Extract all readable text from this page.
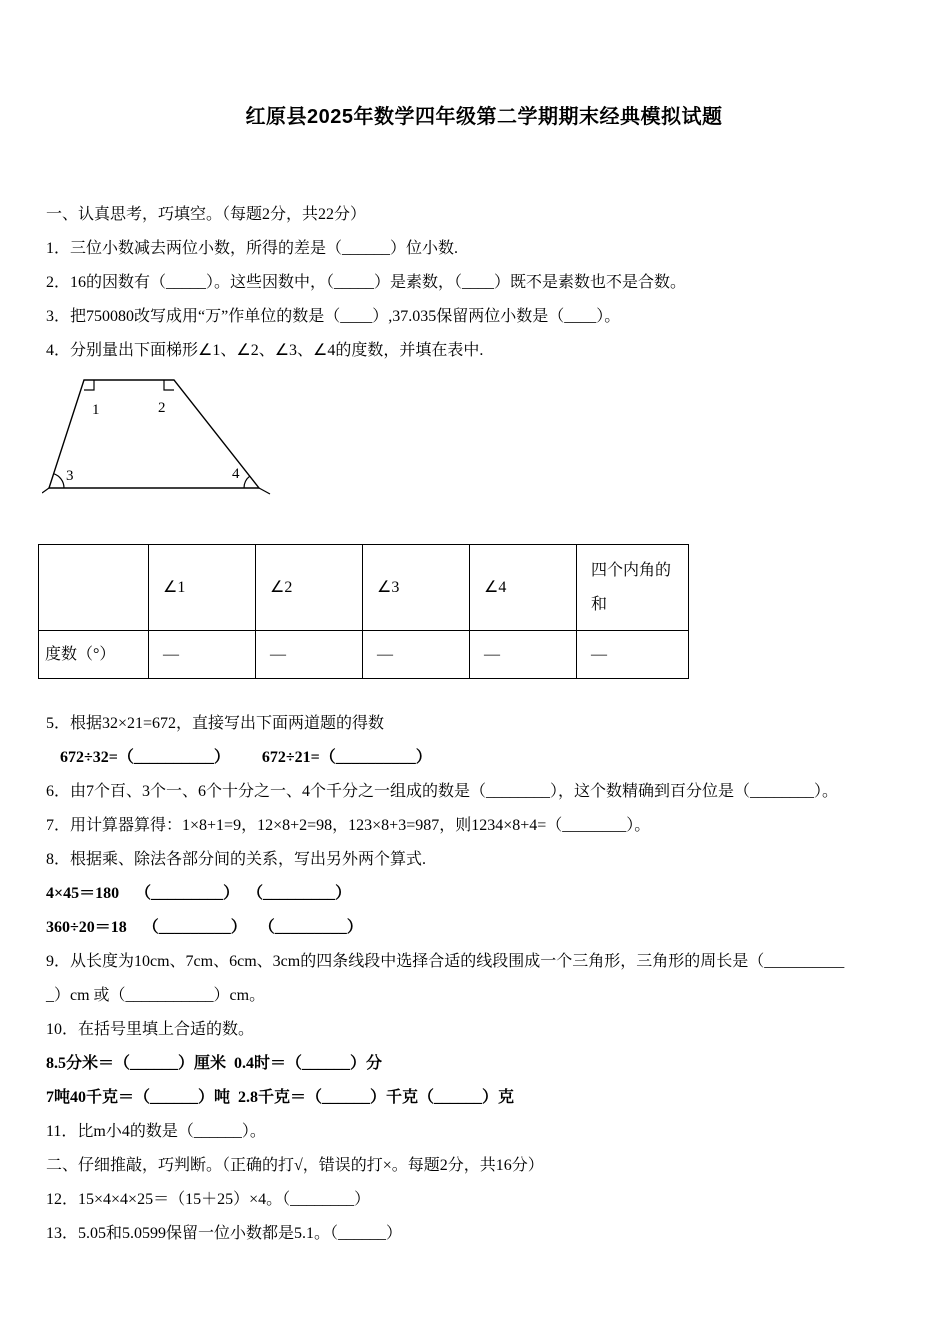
红原县2025年数学四年级第二学期期末经典模拟试题

一、认真思考，巧填空。（每题2分，共22分）

1．三位小数减去两位小数，所得的差是（______）位小数.

2．16的因数有（_____）。这些因数中，（_____）是素数，（____）既不是素数也不是合数。

3．把750080改写成用“万”作单位的数是（____）,37.035保留两位小数是（____）。

4．分别量出下面梯形∠1、∠2、∠3、∠4的度数，并填在表中.

1	2
3	4
	∠1	∠2	∠3	∠4	四个内角的和
度数（°）	—	—	—	—	—

5．根据32×21=672，直接写出下面两道题的得数

672÷32=（__________）        672÷21=（__________）

6．由7个百、3个一、6个十分之一、4个千分之一组成的数是（________），这个数精确到百分位是（________）。

7．用计算器算得：1×8+1=9，12×8+2=98，123×8+3=987，则1234×8+4=（________）。

8．根据乘、除法各部分间的关系，写出另外两个算式.

4×45＝180    （_________）  （_________）

360÷20＝18    （_________）   （_________）

9．从长度为10cm、7cm、6cm、3cm的四条线段中选择合适的线段围成一个三角形，三角形的周长是（__________

_）cm 或（___________）cm。

10．在括号里填上合适的数。

8.5分米＝（______）厘米  0.4时＝（______）分

7吨40千克＝（______）吨  2.8千克＝（______）千克（______）克

11．比m小4的数是（______）。

二、仔细推敲，巧判断。（正确的打√，错误的打×。每题2分，共16分）

12．15×4×4×25＝（15＋25）×4。（________）

13．5.05和5.0599保留一位小数都是5.1。（______）
